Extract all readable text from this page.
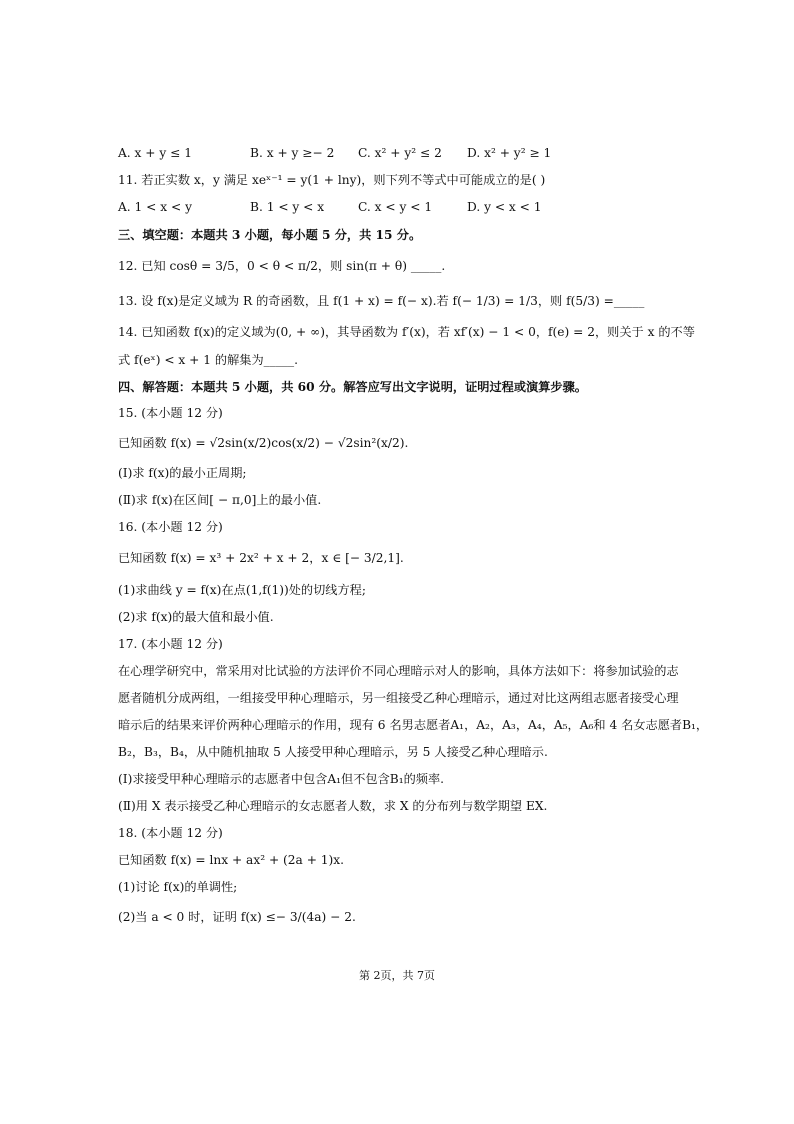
A. x + y ≤ 1	B. x + y ≥− 2 C. x² + y² ≤ 2 D. x² + y² ≥ 1
11. 若正实数 x，y 满足 xeˣ⁻¹ = y(1 + lny)，则下列不等式中可能成立的是( )
A. 1 < x < y	B. 1 < y < x	C. x < y < 1	D. y < x < 1
三、填空题：本题共 3 小题，每小题 5 分，共 15 分。
12. 已知 cosθ = 3/5，0 < θ < π/2，则 sin(π + θ) _____.
13. 设 f(x)是定义域为 R 的奇函数，且 f(1 + x) = f(− x).若 f(− 1/3) = 1/3，则 f(5/3) =_____
14. 已知函数 f(x)的定义域为(0, + ∞)，其导函数为 f′(x)，若 xf′(x) − 1 < 0，f(e) = 2，则关于 x 的不等
式 f(eˣ) < x + 1 的解集为_____.
四、解答题：本题共 5 小题，共 60 分。解答应写出文字说明，证明过程或演算步骤。
15. (本小题 12 分)
已知函数 f(x) = √2sin(x/2)cos(x/2) − √2sin²(x/2).
(Ⅰ)求 f(x)的最小正周期;
(Ⅱ)求 f(x)在区间[ − π,0]上的最小值.
16. (本小题 12 分)
已知函数 f(x) = x³ + 2x² + x + 2，x ∈ [− 3/2,1].
(1)求曲线 y = f(x)在点(1,f(1))处的切线方程;
(2)求 f(x)的最大值和最小值.
17. (本小题 12 分)
在心理学研究中，常采用对比试验的方法评价不同心理暗示对人的影响，具体方法如下：将参加试验的志
愿者随机分成两组，一组接受甲种心理暗示，另一组接受乙种心理暗示，通过对比这两组志愿者接受心理
暗示后的结果来评价两种心理暗示的作用，现有 6 名男志愿者A₁，A₂，A₃，A₄，A₅，A₆和 4 名女志愿者B₁，
B₂，B₃，B₄，从中随机抽取 5 人接受甲种心理暗示，另 5 人接受乙种心理暗示.
(Ⅰ)求接受甲种心理暗示的志愿者中包含A₁但不包含B₁的频率.
(Ⅱ)用 X 表示接受乙种心理暗示的女志愿者人数，求 X 的分布列与数学期望 EX.
18. (本小题 12 分)
已知函数 f(x) = lnx + ax² + (2a + 1)x.
(1)讨论 f(x)的单调性;
(2)当 a < 0 时，证明 f(x) ≤− 3/(4a) − 2.
第 2页，共 7页
